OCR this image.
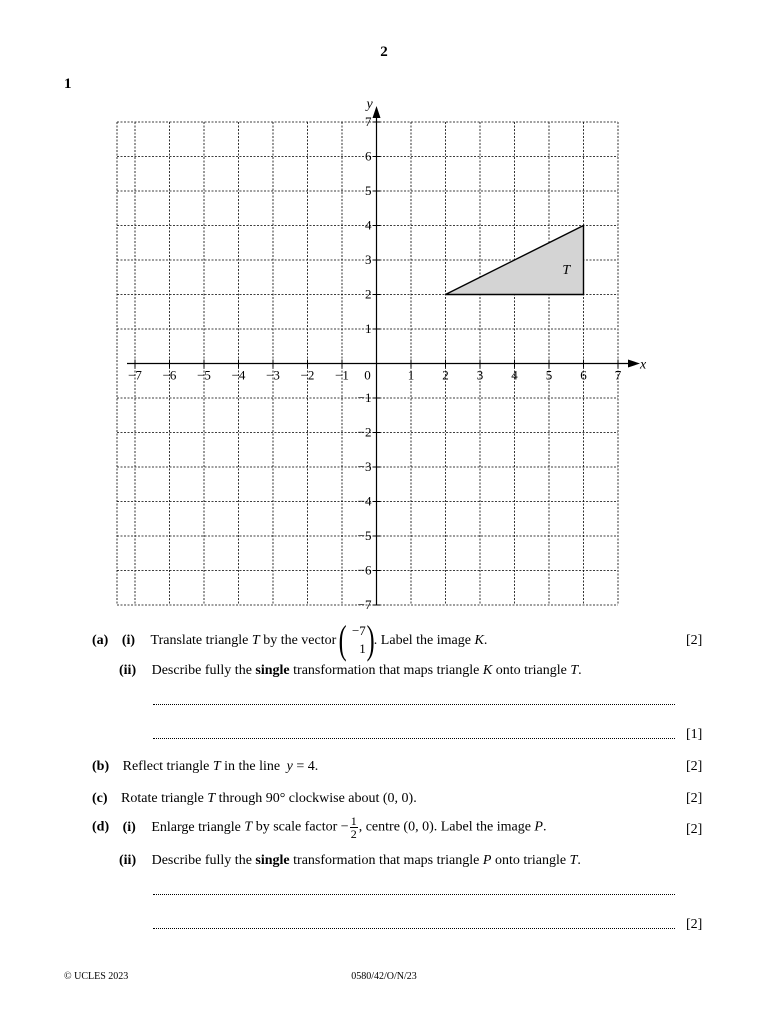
2
1
T
x
y
−7 −6 −5 −4 −3 −2 −1	1 2 3 4 5 6 7
0
1
2
3
4
5
6
7
−1
−2
−3
−4
−5
−6
−7
(a) (i) Translate triangle T by the vector ( −7
1 )
. Label the image K.	[2]
(ii) Describe fully the single transformation that maps triangle K onto triangle T.
[1]
(b) Reflect triangle T in the line y = 4.	[2]
(c) Rotate triangle T through 90° clockwise about (0, 0).	[2]
(d) (i) Enlarge triangle T by scale factor − $\frac{1}{2}$ , centre (0, 0). Label the image P.	[2]
(ii) Describe fully the single transformation that maps triangle P onto triangle T.
[2]
© UCLES 2023	0580/42/O/N/23
